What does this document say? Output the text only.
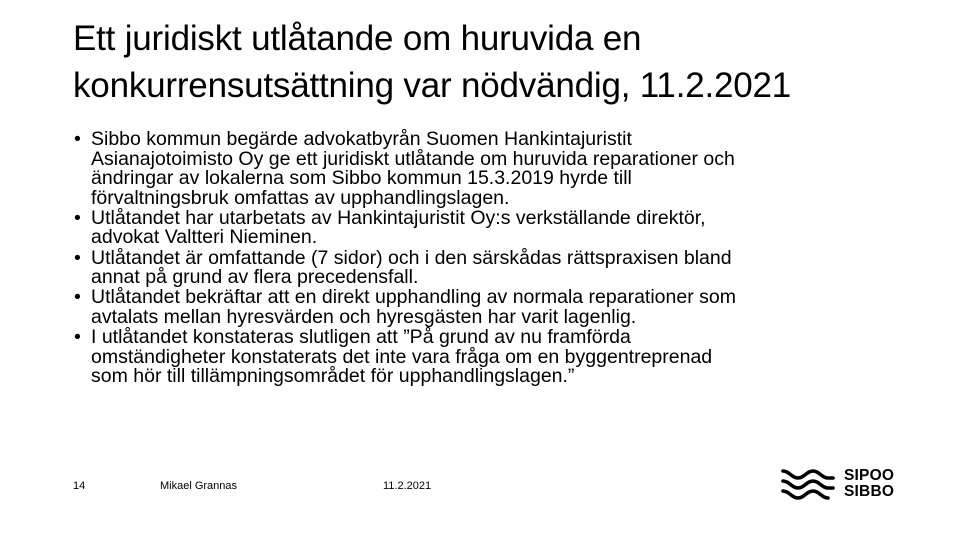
Ett juridiskt utlåtande om huruvida en
konkurrensutsättning var nödvändig, 11.2.2021
• Sibbo kommun begärde advokatbyrån Suomen Hankintajuristit
Asianajotoimisto Oy ge ett juridiskt utlåtande om huruvida reparationer och
ändringar av lokalerna som Sibbo kommun 15.3.2019 hyrde till
förvaltningsbruk omfattas av upphandlingslagen.
• Utlåtandet har utarbetats av Hankintajuristit Oy:s verkställande direktör,
advokat Valtteri Nieminen.
• Utlåtandet är omfattande (7 sidor) och i den särskådas rättspraxisen bland
annat på grund av flera precedensfall.
• Utlåtandet bekräftar att en direkt upphandling av normala reparationer som
avtalats mellan hyresvärden och hyresgästen har varit lagenlig.
• I utlåtandet konstateras slutligen att ”På grund av nu framförda
omständigheter konstaterats det inte vara fråga om en byggentreprenad
som hör till tillämpningsområdet för upphandlingslagen.”
14	Mikael Grannas	11.2.2021
SIPOO
SIBBO
